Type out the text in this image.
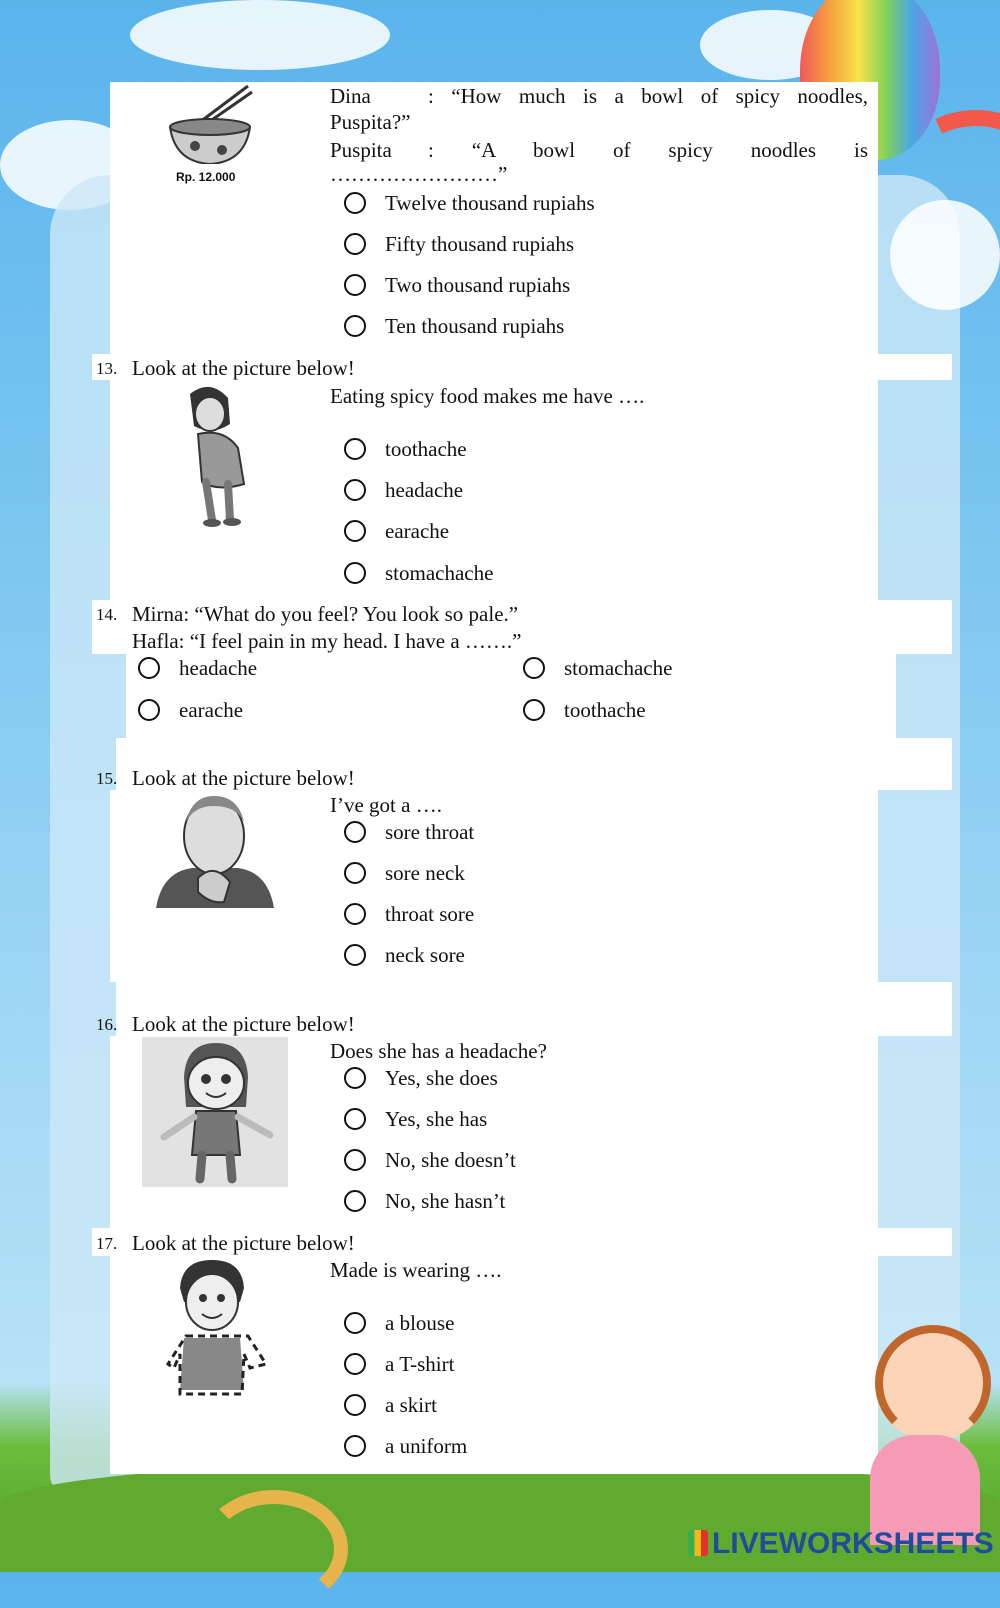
Rp. 12.000
Dina	: “How much is a bowl of spicy noodles,
Puspita?”
Puspita : “A bowl of spicy noodles is
……………………”
Twelve thousand rupiahs
Fifty thousand rupiahs
Two thousand rupiahs
Ten thousand rupiahs
13. Look at the picture below!
Eating spicy food makes me have ….
toothache
headache
earache
stomachache
14. Mirna: “What do you feel? You look so pale.”
Hafla: “I feel pain in my head. I have a …….”
headache	stomachache
earache	toothache
15. Look at the picture below!
I’ve got a ….
sore throat
sore neck
throat sore
neck sore
16. Look at the picture below!
Does she has a headache?
Yes, she does
Yes, she has
No, she doesn’t
No, she hasn’t
17. Look at the picture below!
Made is wearing ….
a blouse
a T-shirt
a skirt
a uniform
LIVEWORKSHEETS
